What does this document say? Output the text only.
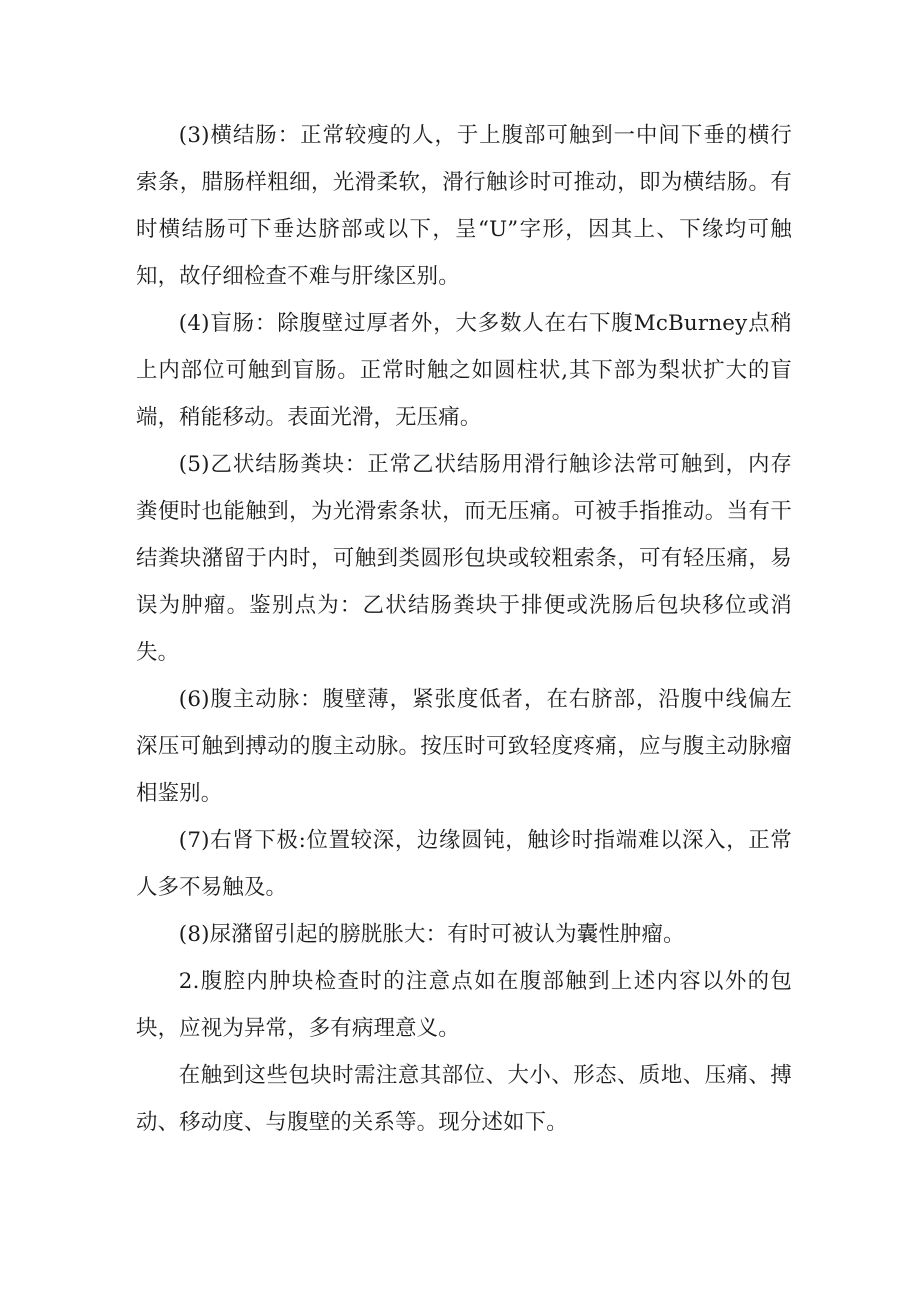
(3)横结肠：正常较瘦的人，于上腹部可触到一中间下垂的横行索条，腊肠样粗细，光滑柔软，滑行触诊时可推动，即为横结肠。有时横结肠可下垂达脐部或以下，呈“U”字形，因其上、下缘均可触知，故仔细检查不难与肝缘区别。

(4)盲肠：除腹壁过厚者外，大多数人在右下腹McBurney点稍上内部位可触到盲肠。正常时触之如圆柱状,其下部为梨状扩大的盲端，稍能移动。表面光滑，无压痛。

(5)乙状结肠粪块：正常乙状结肠用滑行触诊法常可触到，内存粪便时也能触到，为光滑索条状，而无压痛。可被手指推动。当有干结粪块潴留于内时，可触到类圆形包块或较粗索条，可有轻压痛，易误为肿瘤。鉴别点为：乙状结肠粪块于排便或洗肠后包块移位或消失。

(6)腹主动脉：腹壁薄，紧张度低者，在右脐部，沿腹中线偏左深压可触到搏动的腹主动脉。按压时可致轻度疼痛，应与腹主动脉瘤相鉴别。

(7)右肾下极:位置较深，边缘圆钝，触诊时指端难以深入，正常人多不易触及。

(8)尿潴留引起的膀胱胀大：有时可被认为囊性肿瘤。

2.腹腔内肿块检查时的注意点如在腹部触到上述内容以外的包块，应视为异常，多有病理意义。

在触到这些包块时需注意其部位、大小、形态、质地、压痛、搏动、移动度、与腹壁的关系等。现分述如下。
